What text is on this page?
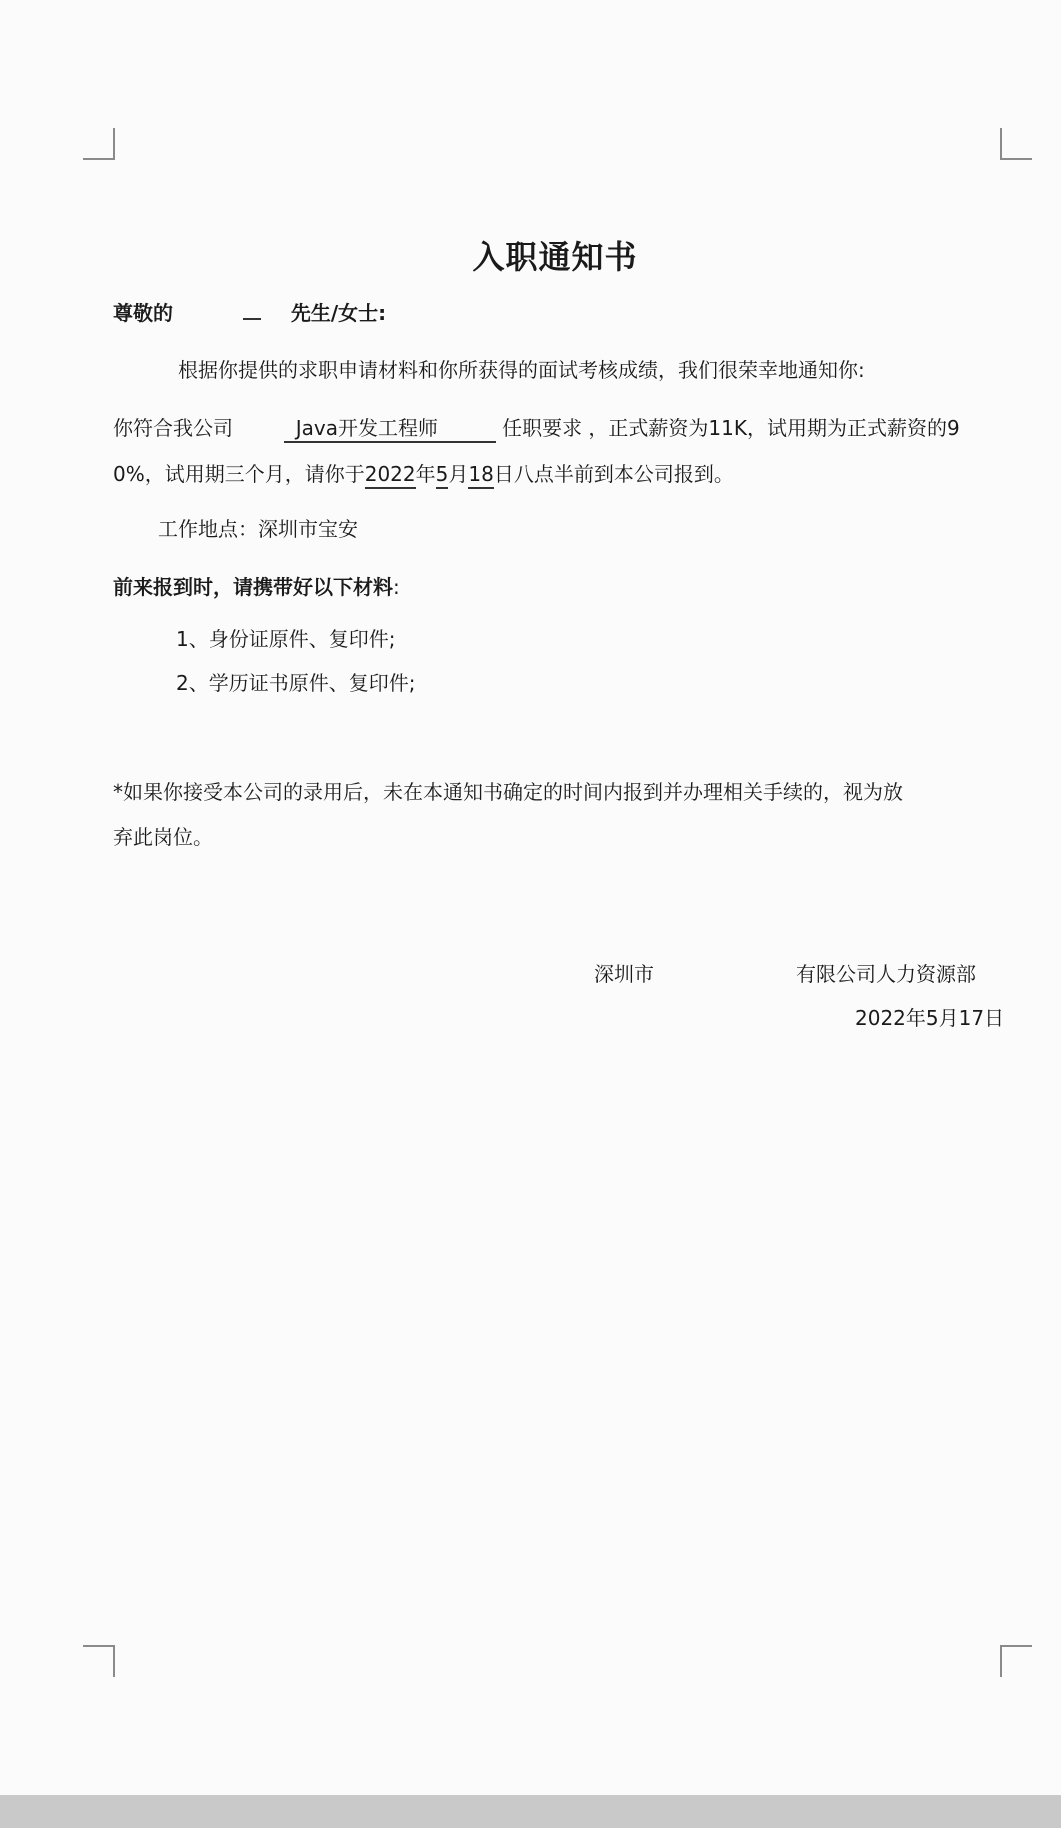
入职通知书
尊敬的	先生/女士:
根据你提供的求职申请材料和你所获得的面试考核成绩，我们很荣幸地通知你:
你符合我公司	Java开发工程师	任职要求 ，正式薪资为11K，试用期为正式薪资的9
0%，试用期三个月，请你于2022年5月18日八点半前到本公司报到。
工作地点：深圳市宝安
前来报到时，请携带好以下材料:
1、身份证原件、复印件;
2、学历证书原件、复印件;
*如果你接受本公司的录用后，未在本通知书确定的时间内报到并办理相关手续的，视为放
弃此岗位。
深圳市	有限公司人力资源部
2022年5月17日
